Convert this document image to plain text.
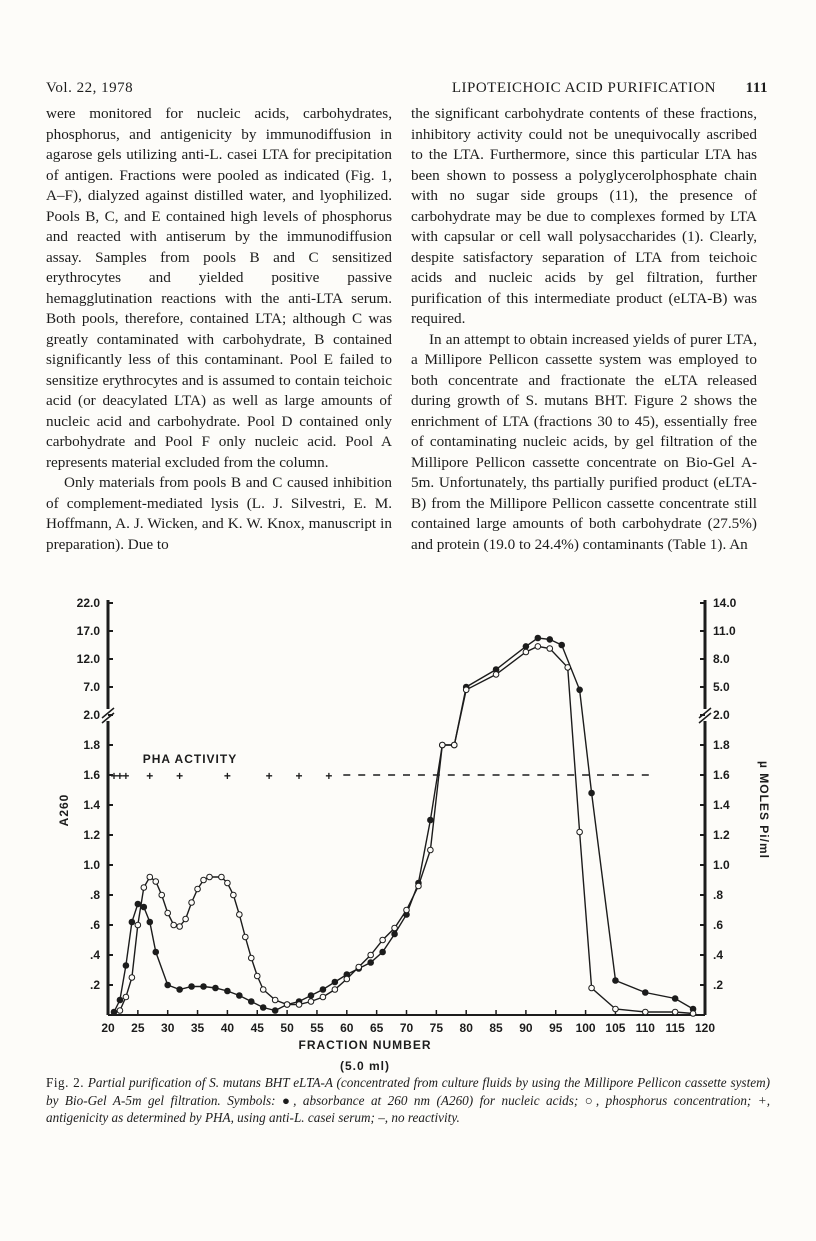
Vol. 22, 1978	LIPOTEICHOIC ACID PURIFICATION 111

were monitored for nucleic acids, carbohydrates, phosphorus, and antigenicity by immunodiffusion in agarose gels utilizing anti-L. casei LTA for precipitation of antigen. Fractions were pooled as indicated (Fig. 1, A–F), dialyzed against distilled water, and lyophilized. Pools B, C, and E contained high levels of phosphorus and reacted with antiserum by the immunodiffusion assay. Samples from pools B and C sensitized erythrocytes and yielded positive passive hemagglutination reactions with the anti-LTA serum. Both pools, therefore, contained LTA; although C was greatly contaminated with carbohydrate, B contained significantly less of this contaminant. Pool E failed to sensitize erythrocytes and is assumed to contain teichoic acid (or deacylated LTA) as well as large amounts of nucleic acid and carbohydrate. Pool D contained only carbohydrate and Pool F only nucleic acid. Pool A represents material excluded from the column.

Only materials from pools B and C caused inhibition of complement-mediated lysis (L. J. Silvestri, E. M. Hoffmann, A. J. Wicken, and K. W. Knox, manuscript in preparation). Due to

the significant carbohydrate contents of these fractions, inhibitory activity could not be unequivocally ascribed to the LTA. Furthermore, since this particular LTA has been shown to possess a polyglycerolphosphate chain with no sugar side groups (11), the presence of carbohydrate may be due to complexes formed by LTA with capsular or cell wall polysaccharides (1). Clearly, despite satisfactory separation of LTA from teichoic acids and nucleic acids by gel filtration, further purification of this intermediate product (eLTA-B) was required.

In an attempt to obtain increased yields of purer LTA, a Millipore Pellicon cassette system was employed to both concentrate and fractionate the eLTA released during growth of S. mutans BHT. Figure 2 shows the enrichment of LTA (fractions 30 to 45), essentially free of contaminating nucleic acids, by gel filtration of the Millipore Pellicon cassette concentrate on Bio-Gel A-5m. Unfortunately, ths partially purified product (eLTA-B) from the Millipore Pellicon cassette concentrate still contained large amounts of both carbohydrate (27.5%) and protein (19.0 to 24.4%) contaminants (Table 1). An

20 25 30 35 40 45 50 55 60 65 70 75 80 85 90 95 100 105 110 115 120
.2
.4
.6
.8
1.0
1.2
1.4
1.6
1.8
2.0
.2
.4
.6
.8
1.0
1.2
1.4
1.6
1.8
2.0
7.0
12.0
17.0
22.0
5.0
8.0
11.0
14.0
+
+
+ + +	+	+ + +
FRACTION NUMBER
(5.0 ml)
A260	µ MOLES Pi/ml
PHA ACTIVITY
Fig. 2. Partial purification of S. mutans BHT eLTA-A (concentrated from culture fluids by using the Millipore Pellicon cassette system) by Bio-Gel A-5m gel filtration. Symbols: ●, absorbance at 260 nm (A260) for nucleic acids; ○, phosphorus concentration; +, antigenicity as determined by PHA, using anti-L. casei serum; –, no reactivity.
